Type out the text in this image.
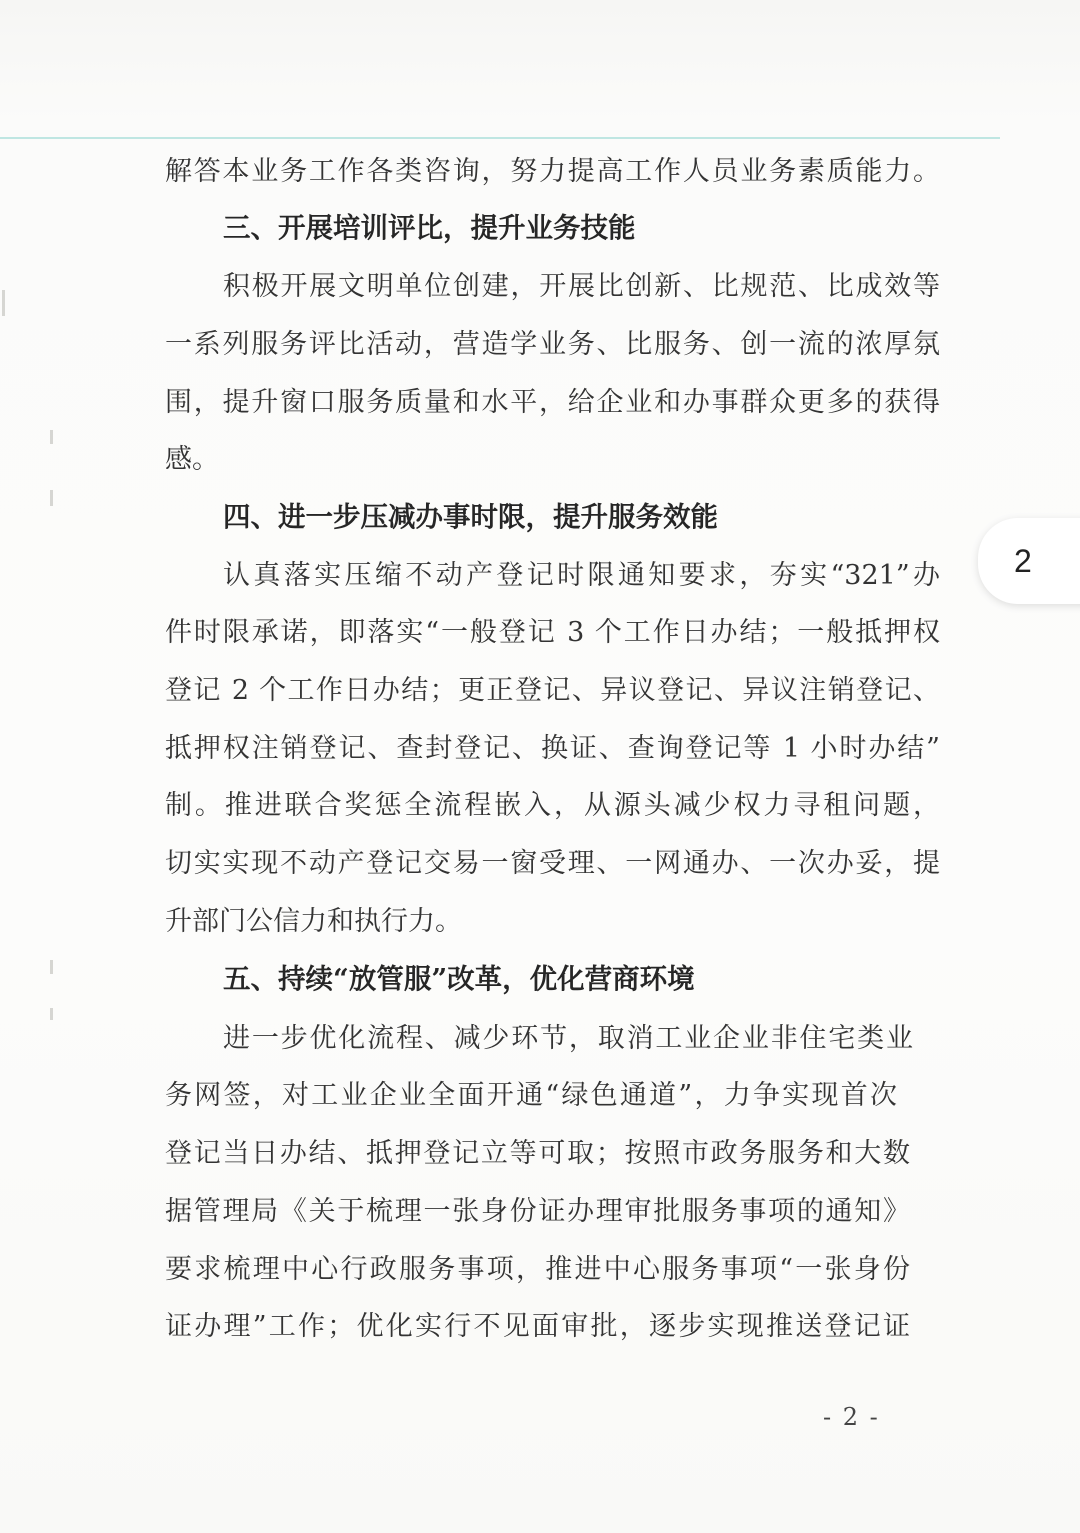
解答本业务工作各类咨询，努力提高工作人员业务素质能力。
三、开展培训评比，提升业务技能
积极开展文明单位创建，开展比创新、比规范、比成效等
一系列服务评比活动，营造学业务、比服务、创一流的浓厚氛
围，提升窗口服务质量和水平，给企业和办事群众更多的获得
感。
四、进一步压减办事时限，提升服务效能
认真落实压缩不动产登记时限通知要求，夯实“321”办
件时限承诺，即落实“一般登记 3 个工作日办结；一般抵押权
登记 2 个工作日办结；更正登记、异议登记、异议注销登记、
抵押权注销登记、查封登记、换证、查询登记等 1 小时办结”
制。推进联合奖惩全流程嵌入，从源头减少权力寻租问题，
切实实现不动产登记交易一窗受理、一网通办、一次办妥，提
升部门公信力和执行力。
五、持续“放管服”改革，优化营商环境
进一步优化流程、减少环节，取消工业企业非住宅类业
务网签，对工业企业全面开通“绿色通道”，力争实现首次
登记当日办结、抵押登记立等可取；按照市政务服务和大数
据管理局《关于梳理一张身份证办理审批服务事项的通知》
要求梳理中心行政服务事项，推进中心服务事项“一张身份
证办理”工作；优化实行不见面审批，逐步实现推送登记证
- 2 -
2
